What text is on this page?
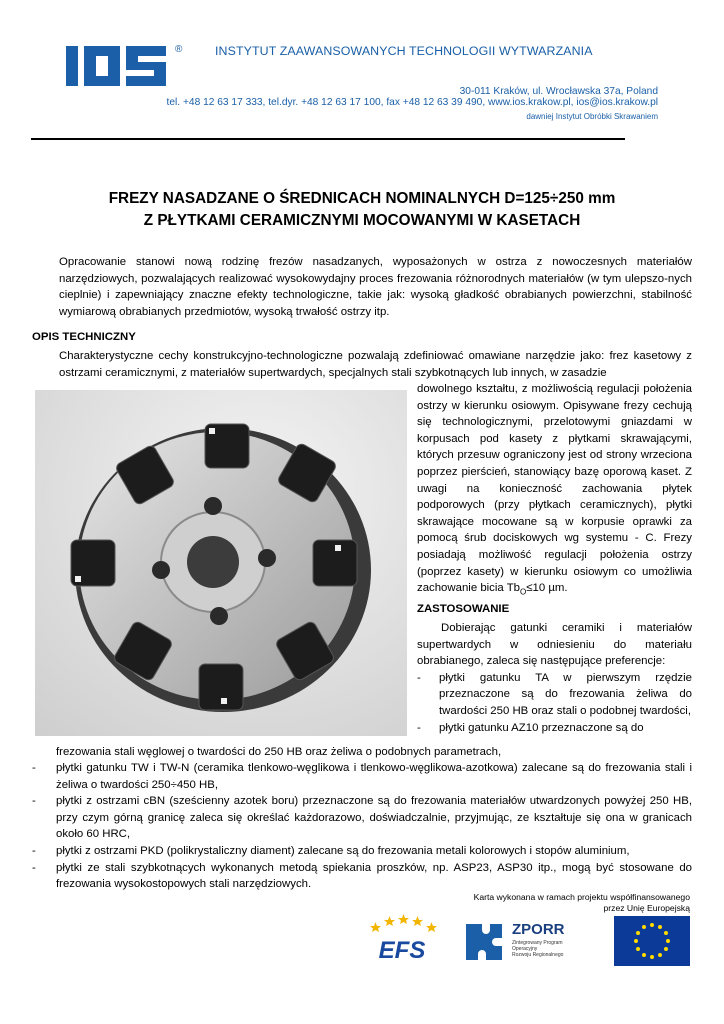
®	INSTYTUT ZAAWANSOWANYCH TECHNOLOGII WYTWARZANIA
30-011 Kraków, ul. Wrocławska 37a, Poland
tel. +48 12 63 17 333, tel.dyr. +48 12 63 17 100, fax +48 12 63 39 490, www.ios.krakow.pl, ios@ios.krakow.pl
dawniej Instytut Obróbki Skrawaniem
FREZY NASADZANE O ŚREDNICACH NOMINALNYCH D=125÷250 mm
Z PŁYTKAMI CERAMICZNYMI MOCOWANYMI W KASETACH
Opracowanie stanowi nową rodzinę frezów nasadzanych, wyposażonych w ostrza z nowoczesnych materiałów narzędziowych, pozwalających realizować wysokowydajny proces frezowania różnorodnych materiałów (w tym ulepszo-nych cieplnie) i zapewniający znaczne efekty technologiczne, takie jak: wysoką gładkość obrabianych powierzchni, stabilność wymiarową obrabianych przedmiotów, wysoką trwałość ostrzy itp.
OPIS TECHNICZNY
Charakterystyczne cechy konstrukcyjno-technologiczne pozwalają zdefiniować omawiane narzędzie jako: frez kasetowy z ostrzami ceramicznymi, z materiałów supertwardych, specjalnych stali szybkotnących lub innych, w zasadzie
dowolnego kształtu, z możliwością regulacji położenia ostrzy w kierunku osiowym. Opisywane frezy cechują się technologicznymi, przelotowymi gniazdami w korpusach pod kasety z płytkami skrawającymi, których przesuw ograniczony jest od strony wrzeciona poprzez pierścień, stanowiący bazę oporową kaset. Z uwagi na konieczność zachowania płytek podporowych (przy płytkach ceramicznych), płytki skrawające mocowane są w korpusie oprawki za pomocą śrub dociskowych wg systemu - C. Frezy posiadają możliwość regulacji położenia ostrzy (poprzez kasety) w kierunku osiowym co umożliwia zachowanie bicia $Tb_O\le 10$ µm.
ZASTOSOWANIE
Dobierając gatunki ceramiki i materiałów supertwardych w odniesieniu do materiału obrabianego, zaleca się następujące preferencje:
- płytki gatunku TA w pierwszym rzędzie przeznaczone są do frezowania żeliwa do twardości 250 HB oraz stali o podobnej twardości,
- płytki gatunku AZ10 przeznaczone są do
frezowania stali węglowej o twardości do 250 HB oraz żeliwa o podobnych parametrach,
- płytki gatunku TW i TW-N (ceramika tlenkowo-węglikowa i tlenkowo-węglikowa-azotkowa) zalecane są do frezowania stali i żeliwa o twardości 250÷450 HB,
- płytki z ostrzami cBN (sześcienny azotek boru) przeznaczone są do frezowania materiałów utwardzonych powyżej 250 HB, przy czym górną granicę zaleca się określać każdorazowo, doświadczalnie, przyjmując, ze kształtuje się ona w granicach około 60 HRC,
- płytki z ostrzami PKD (polikrystaliczny diament) zalecane są do frezowania metali kolorowych i stopów aluminium,
- płytki ze stali szybkotnących wykonanych metodą spiekania proszków, np. ASP23, ASP30 itp., mogą być stosowane do frezowania wysokostopowych stali narzędziowych.
Karta wykonana w ramach projektu współfinansowanego
przez Unię Europejską
EFS
ZPORR
Zintegrowany Program
Operacyjny
Rozwoju Regionalnego
